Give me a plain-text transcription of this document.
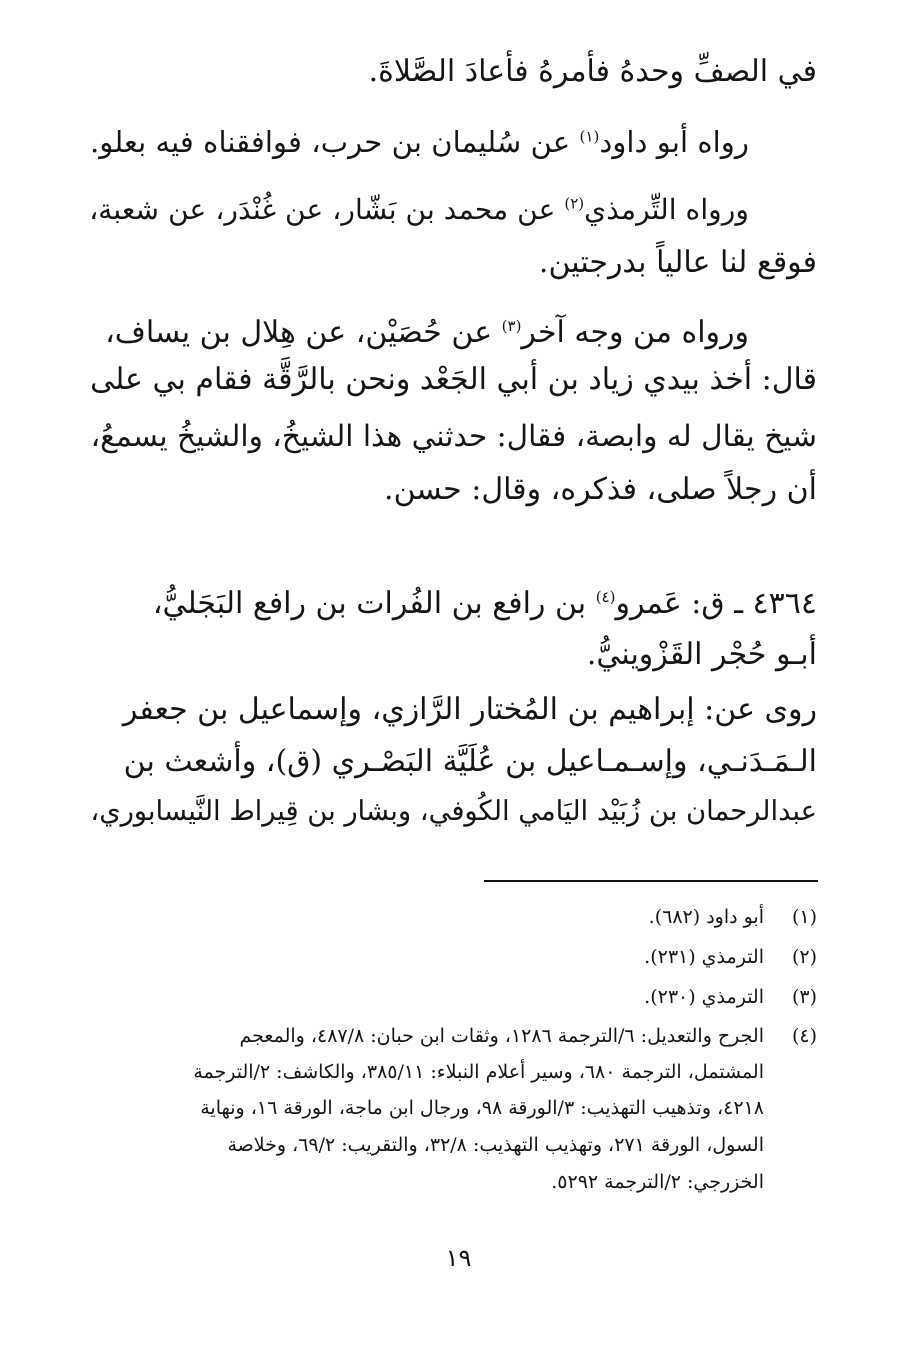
في الصفِّ وحدهُ فأمرهُ فأعادَ الصَّلاةَ.
رواه أبو داود$^{(١)}$ عن سُليمان بن حرب، فوافقناه فيه بعلو.
ورواه التِّرمذي$^{(٢)}$ عن محمد بن بَشّار، عن غُنْدَر، عن شعبة،
فوقع لنا عالياً بدرجتين.
ورواه من وجه آخر$^{(٣)}$ عن حُصَيْن، عن هِلال بن يساف،
قال: أخذ بيدي زياد بن أبي الجَعْد ونحن بالرَّقَّة فقام بي على
شيخ يقال له وابصة، فقال: حدثني هذا الشيخُ، والشيخُ يسمعُ،
أن رجلاً صلى، فذكره، وقال: حسن.
٤٣٦٤ ـ ق: عَمرو$^{(٤)}$ بن رافع بن الفُرات بن رافع البَجَليُّ،
أبـو حُجْر القَزْوينيُّ.
روى عن: إبراهيم بن المُختار الرَّازي، وإسماعيل بن جعفر
الـمَـدَنـي، وإسـمـاعيل بن عُلَيَّة البَصْـري (ق)، وأشعث بن
عبدالرحمان بن زُبَيْد اليَامي الكُوفي، وبشار بن قِيراط النَّيسابوري،
(١)
أبو داود (٦٨٢).
(٢)
الترمذي (٢٣١).
(٣)
الترمذي (٢٣٠).
(٤)
الجرح والتعديل: ٦/الترجمة ١٢٨٦، وثقات ابن حبان: ٤٨٧/٨، والمعجم
المشتمل، الترجمة ٦٨٠، وسير أعلام النبلاء: ٣٨٥/١١، والكاشف: ٢/الترجمة
٤٢١٨، وتذهيب التهذيب: ٣/الورقة ٩٨، ورجال ابن ماجة، الورقة ١٦، ونهاية
السول، الورقة ٢٧١، وتهذيب التهذيب: ٣٢/٨، والتقريب: ٦٩/٢، وخلاصة
الخزرجي: ٢/الترجمة ٥٢٩٢.
١٩
